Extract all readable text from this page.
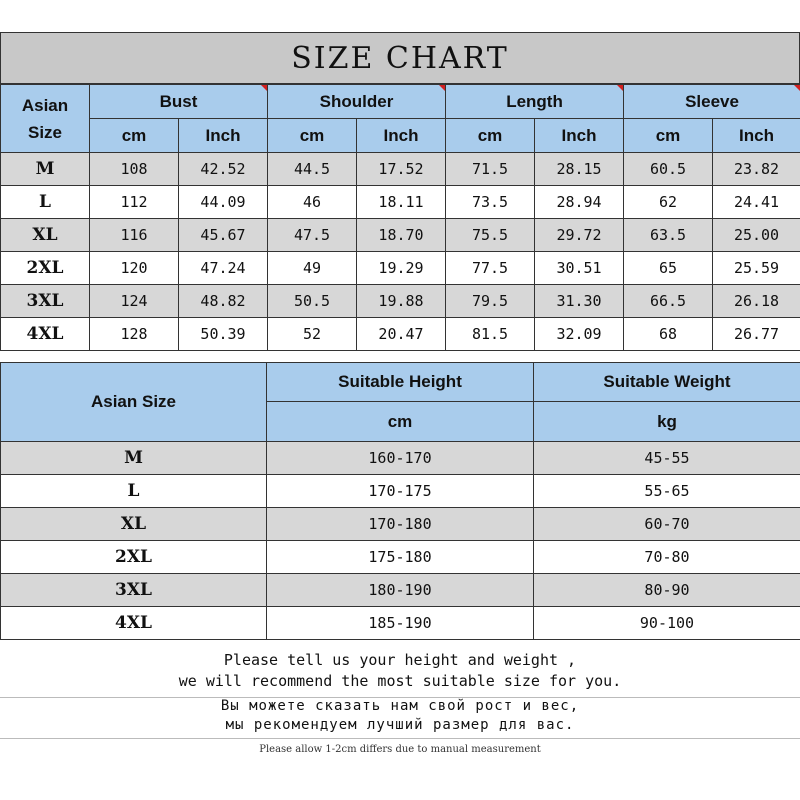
SIZE CHART
Asian
Size	Bust		Shoulder		Length		Sleeve	

	cm	Inch	cm	Inch	cm	Inch	cm	Inch
M	108	42.52	44.5	17.52	71.5	28.15	60.5	23.82
L	112	44.09	46	18.11	73.5	28.94	62	24.41
XL	116	45.67	47.5	18.70	75.5	29.72	63.5	25.00
2XL	120	47.24	49	19.29	77.5	30.51	65	25.59
3XL	124	48.82	50.5	19.88	79.5	31.30	66.5	26.18
4XL	128	50.39	52	20.47	81.5	32.09	68	26.77
Asian Size	Suitable Height	Suitable Weight
	cm	kg
M	160-170	45-55
L	170-175	55-65
XL	170-180	60-70
2XL	175-180	70-80
3XL	180-190	80-90
4XL	185-190	90-100
Please tell us your height and weight ,
we will recommend the most suitable size for you.
Вы можете сказать нам свой рост и вес,
мы рекомендуем лучший размер для вас.
Please allow 1-2cm differs due to manual measurement
